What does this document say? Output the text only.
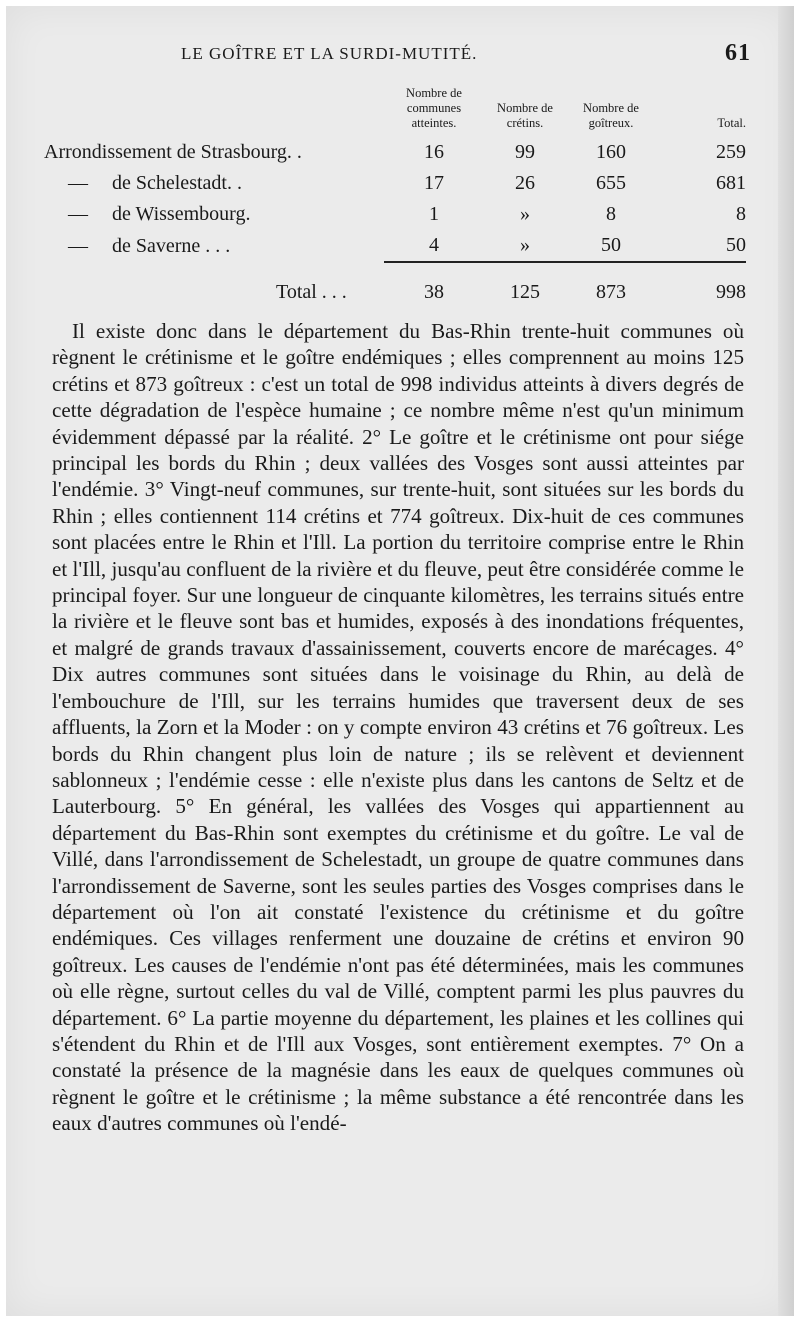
LE GOÎTRE ET LA SURDI-MUTITÉ.	61
	Nombre de communes atteintes.	Nombre de crétins.	Nombre de goîtreux.	Total.
Arrondissement de Strasbourg. .	16	99	160	259
— de Schelestadt. .	17	26	655	681
— de Wissembourg.	1	»	8	8
— de Saverne . . .	4	»	50	50

Total . . .	38	125	873	998

Il existe donc dans le département du Bas-Rhin trente-huit communes où règnent le crétinisme et le goître endémiques ; elles comprennent au moins 125 crétins et 873 goîtreux : c'est un total de 998 individus atteints à divers degrés de cette dégradation de l'espèce humaine ; ce nombre même n'est qu'un minimum évidemment dépassé par la réalité. 2° Le goître et le crétinisme ont pour siége principal les bords du Rhin ; deux vallées des Vosges sont aussi atteintes par l'endémie. 3° Vingt-neuf communes, sur trente-huit, sont situées sur les bords du Rhin ; elles contiennent 114 crétins et 774 goîtreux. Dix-huit de ces communes sont placées entre le Rhin et l'Ill. La portion du territoire comprise entre le Rhin et l'Ill, jusqu'au confluent de la rivière et du fleuve, peut être considérée comme le principal foyer. Sur une longueur de cinquante kilomètres, les terrains situés entre la rivière et le fleuve sont bas et humides, exposés à des inondations fréquentes, et malgré de grands travaux d'assainissement, couverts encore de marécages. 4° Dix autres communes sont situées dans le voisinage du Rhin, au delà de l'embouchure de l'Ill, sur les terrains humides que traversent deux de ses affluents, la Zorn et la Moder : on y compte environ 43 crétins et 76 goîtreux. Les bords du Rhin changent plus loin de nature ; ils se relèvent et deviennent sablonneux ; l'endémie cesse : elle n'existe plus dans les cantons de Seltz et de Lauterbourg. 5° En général, les vallées des Vosges qui appartiennent au département du Bas-Rhin sont exemptes du crétinisme et du goître. Le val de Villé, dans l'arrondissement de Schelestadt, un groupe de quatre communes dans l'arrondissement de Saverne, sont les seules parties des Vosges comprises dans le département où l'on ait constaté l'existence du crétinisme et du goître endémiques. Ces villages renferment une douzaine de crétins et environ 90 goîtreux. Les causes de l'endémie n'ont pas été déterminées, mais les communes où elle règne, surtout celles du val de Villé, comptent parmi les plus pauvres du département. 6° La partie moyenne du département, les plaines et les collines qui s'étendent du Rhin et de l'Ill aux Vosges, sont entièrement exemptes. 7° On a constaté la présence de la magnésie dans les eaux de quelques communes où règnent le goître et le crétinisme ; la même substance a été rencontrée dans les eaux d'autres communes où l'endé-
